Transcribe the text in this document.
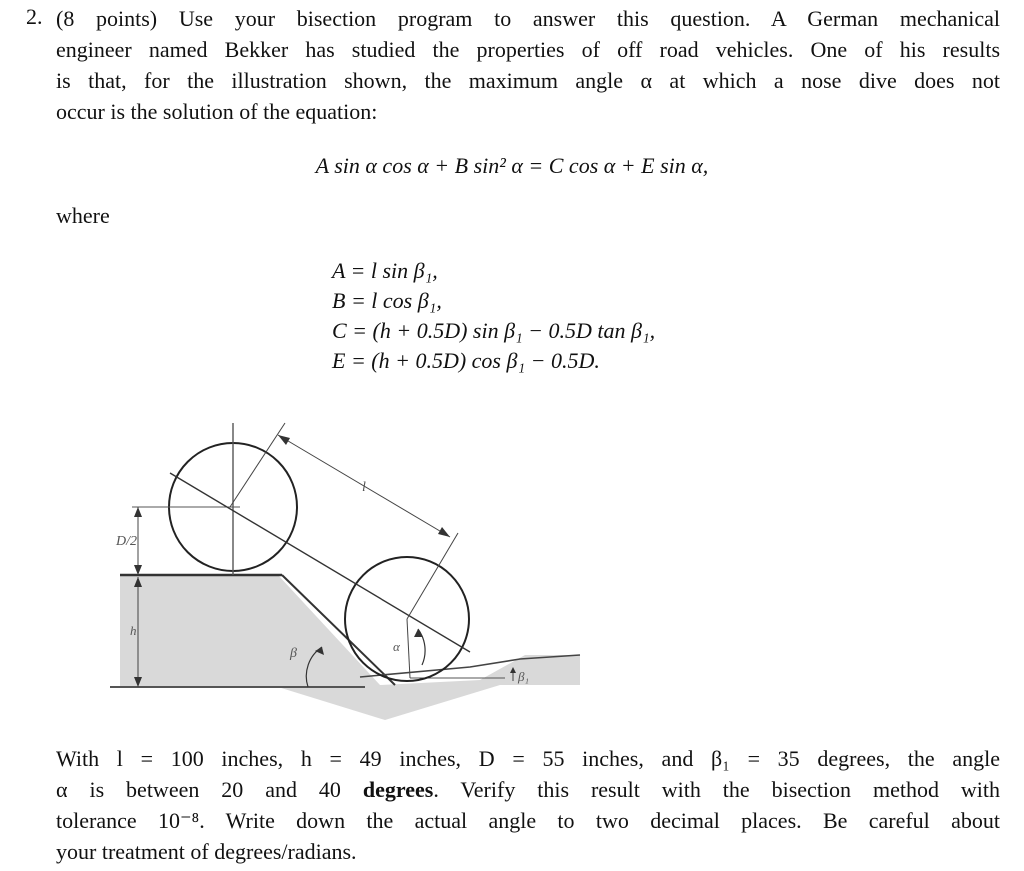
2. (8 points) Use your bisection program to answer this question. A German mechanical
engineer named Bekker has studied the properties of off road vehicles. One of his results
is that, for the illustration shown, the maximum angle α at which a nose dive does not
occur is the solution of the equation:
A sin α cos α + B sin² α = C cos α + E sin α,
where
A = l sin β₁,
B = l cos β₁,
C = (h + 0.5D) sin β₁ − 0.5D tan β₁,
E = (h + 0.5D) cos β₁ − 0.5D.
D/2
h
l
β	α
β₁
With l = 100 inches, h = 49 inches, D = 55 inches, and β₁ = 35 degrees, the angle
α is between 20 and 40 degrees. Verify this result with the bisection method with
tolerance 10⁻⁸. Write down the actual angle to two decimal places. Be careful about
your treatment of degrees/radians.
